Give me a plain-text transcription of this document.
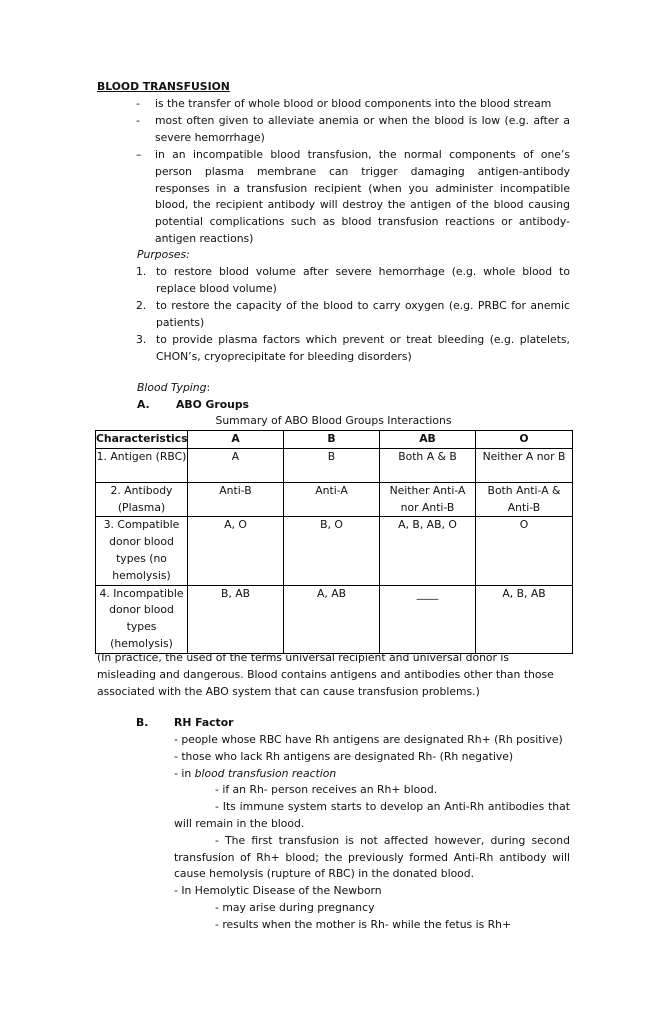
BLOOD TRANSFUSION
- is the transfer of whole blood or blood components into the blood stream
- most often given to alleviate anemia or when the blood is low (e.g. after a severe hemorrhage)
– in an incompatible blood transfusion, the normal components of one’s person plasma membrane can trigger damaging antigen-antibody responses in a transfusion recipient (when you administer incompatible blood, the recipient antibody will destroy the antigen of the blood causing potential complications such as blood transfusion reactions or antibody-antigen reactions)
Purposes:
1. to restore blood volume after severe hemorrhage (e.g. whole blood to replace blood volume)
2. to restore the capacity of the blood to carry oxygen (e.g. PRBC for anemic patients)
3. to provide plasma factors which prevent or treat bleeding (e.g. platelets, CHON’s, cryoprecipitate for bleeding disorders)
Blood Typing:
A. ABO Groups
Summary of ABO Blood Groups Interactions
Characteristics	A	B	AB	O
1. Antigen (RBC)	A	B	Both A & B	Neither A nor B
2. Antibody (Plasma)	Anti-B	Anti-A	Neither Anti-A nor Anti-B	Both Anti-A & Anti-B
3. Compatible donor blood types (no hemolysis)	A, O	B, O	A, B, AB, O	O
4. Incompatible donor blood types (hemolysis)	B, AB	A, AB	____	A, B, AB
(In practice, the used of the terms universal recipient and universal donor is misleading and dangerous. Blood contains antigens and antibodies other than those associated with the ABO system that can cause transfusion problems.)
B. RH Factor
- people whose RBC have Rh antigens are designated Rh+ (Rh positive)
- those who lack Rh antigens are designated Rh- (Rh negative)
- in blood transfusion reaction
- if an Rh- person receives an Rh+ blood.
- Its immune system starts to develop an Anti-Rh antibodies that will remain in the blood.
- The first transfusion is not affected however, during second transfusion of Rh+ blood; the previously formed Anti-Rh antibody will cause hemolysis (rupture of RBC) in the donated blood.
- In Hemolytic Disease of the Newborn
- may arise during pregnancy
- results when the mother is Rh- while the fetus is Rh+
